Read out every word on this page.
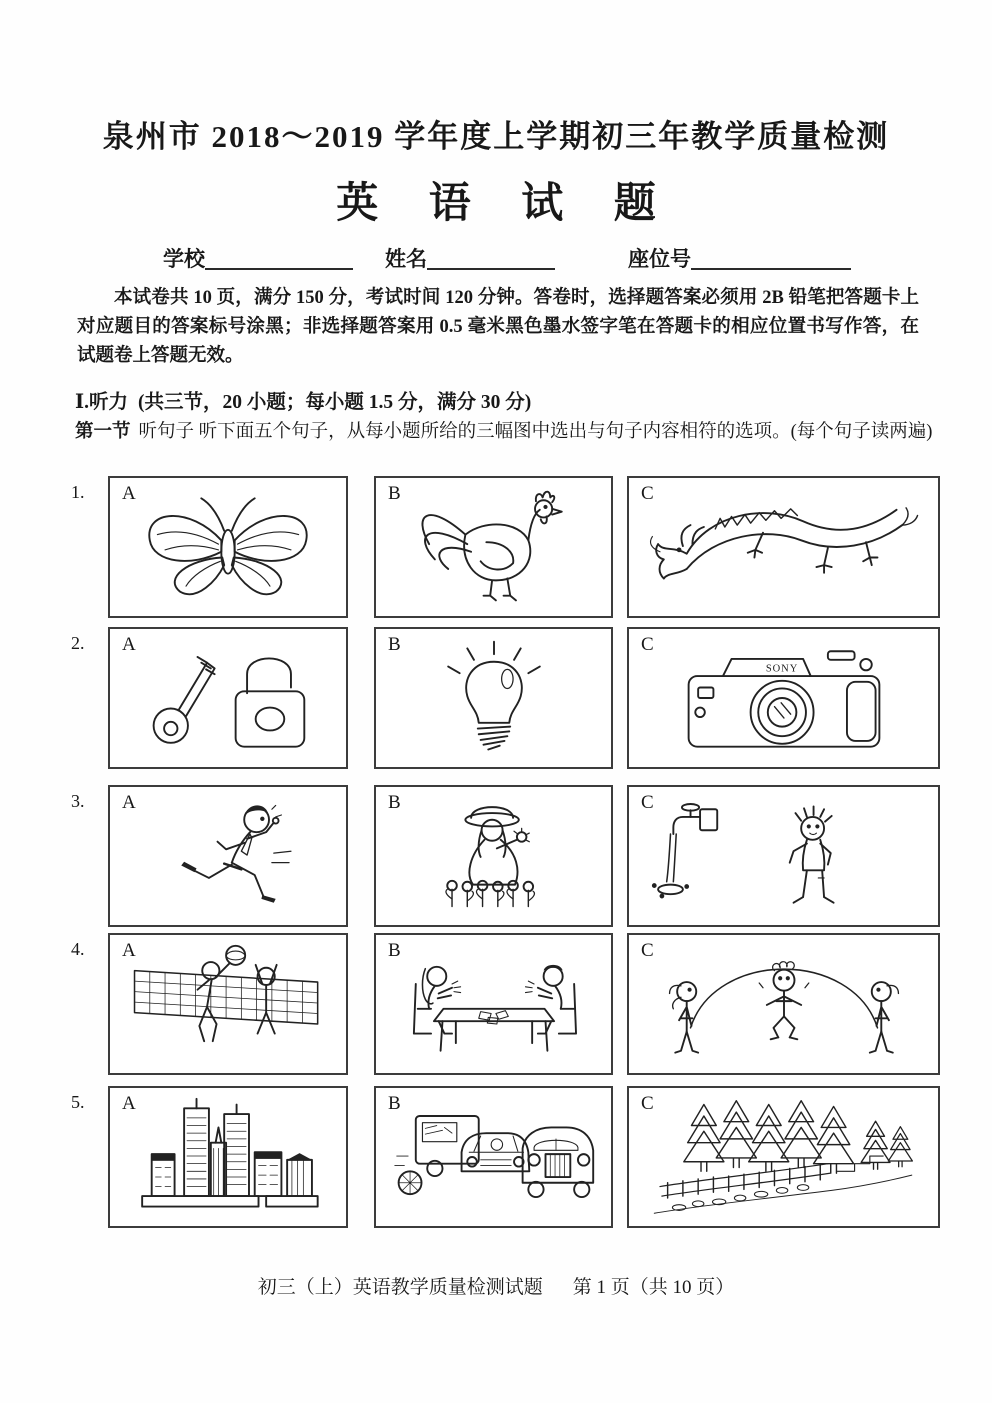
泉州市 2018～2019 学年度上学期初三年教学质量检测
英 语 试 题
学校	姓名	座位号
本试卷共 10 页，满分 150 分，考试时间 120 分钟。答卷时，选择题答案必须用 2B 铅笔把答题卡上对应题目的答案标号涂黑；非选择题答案用 0.5 毫米黑色墨水签字笔在答题卡的相应位置书写作答，在试题卷上答题无效。
Ⅰ.听力 (共三节，20 小题；每小题 1.5 分，满分 30 分)
第一节 听句子 听下面五个句子，从每小题所给的三幅图中选出与句子内容相符的选项。(每个句子读两遍)
1. A	B	C
2. A	B	C
SONY
3. A	B	C
4. A	B	C
5. A	B	C
初三（上）英语教学质量检测试题 第 1 页（共 10 页）
